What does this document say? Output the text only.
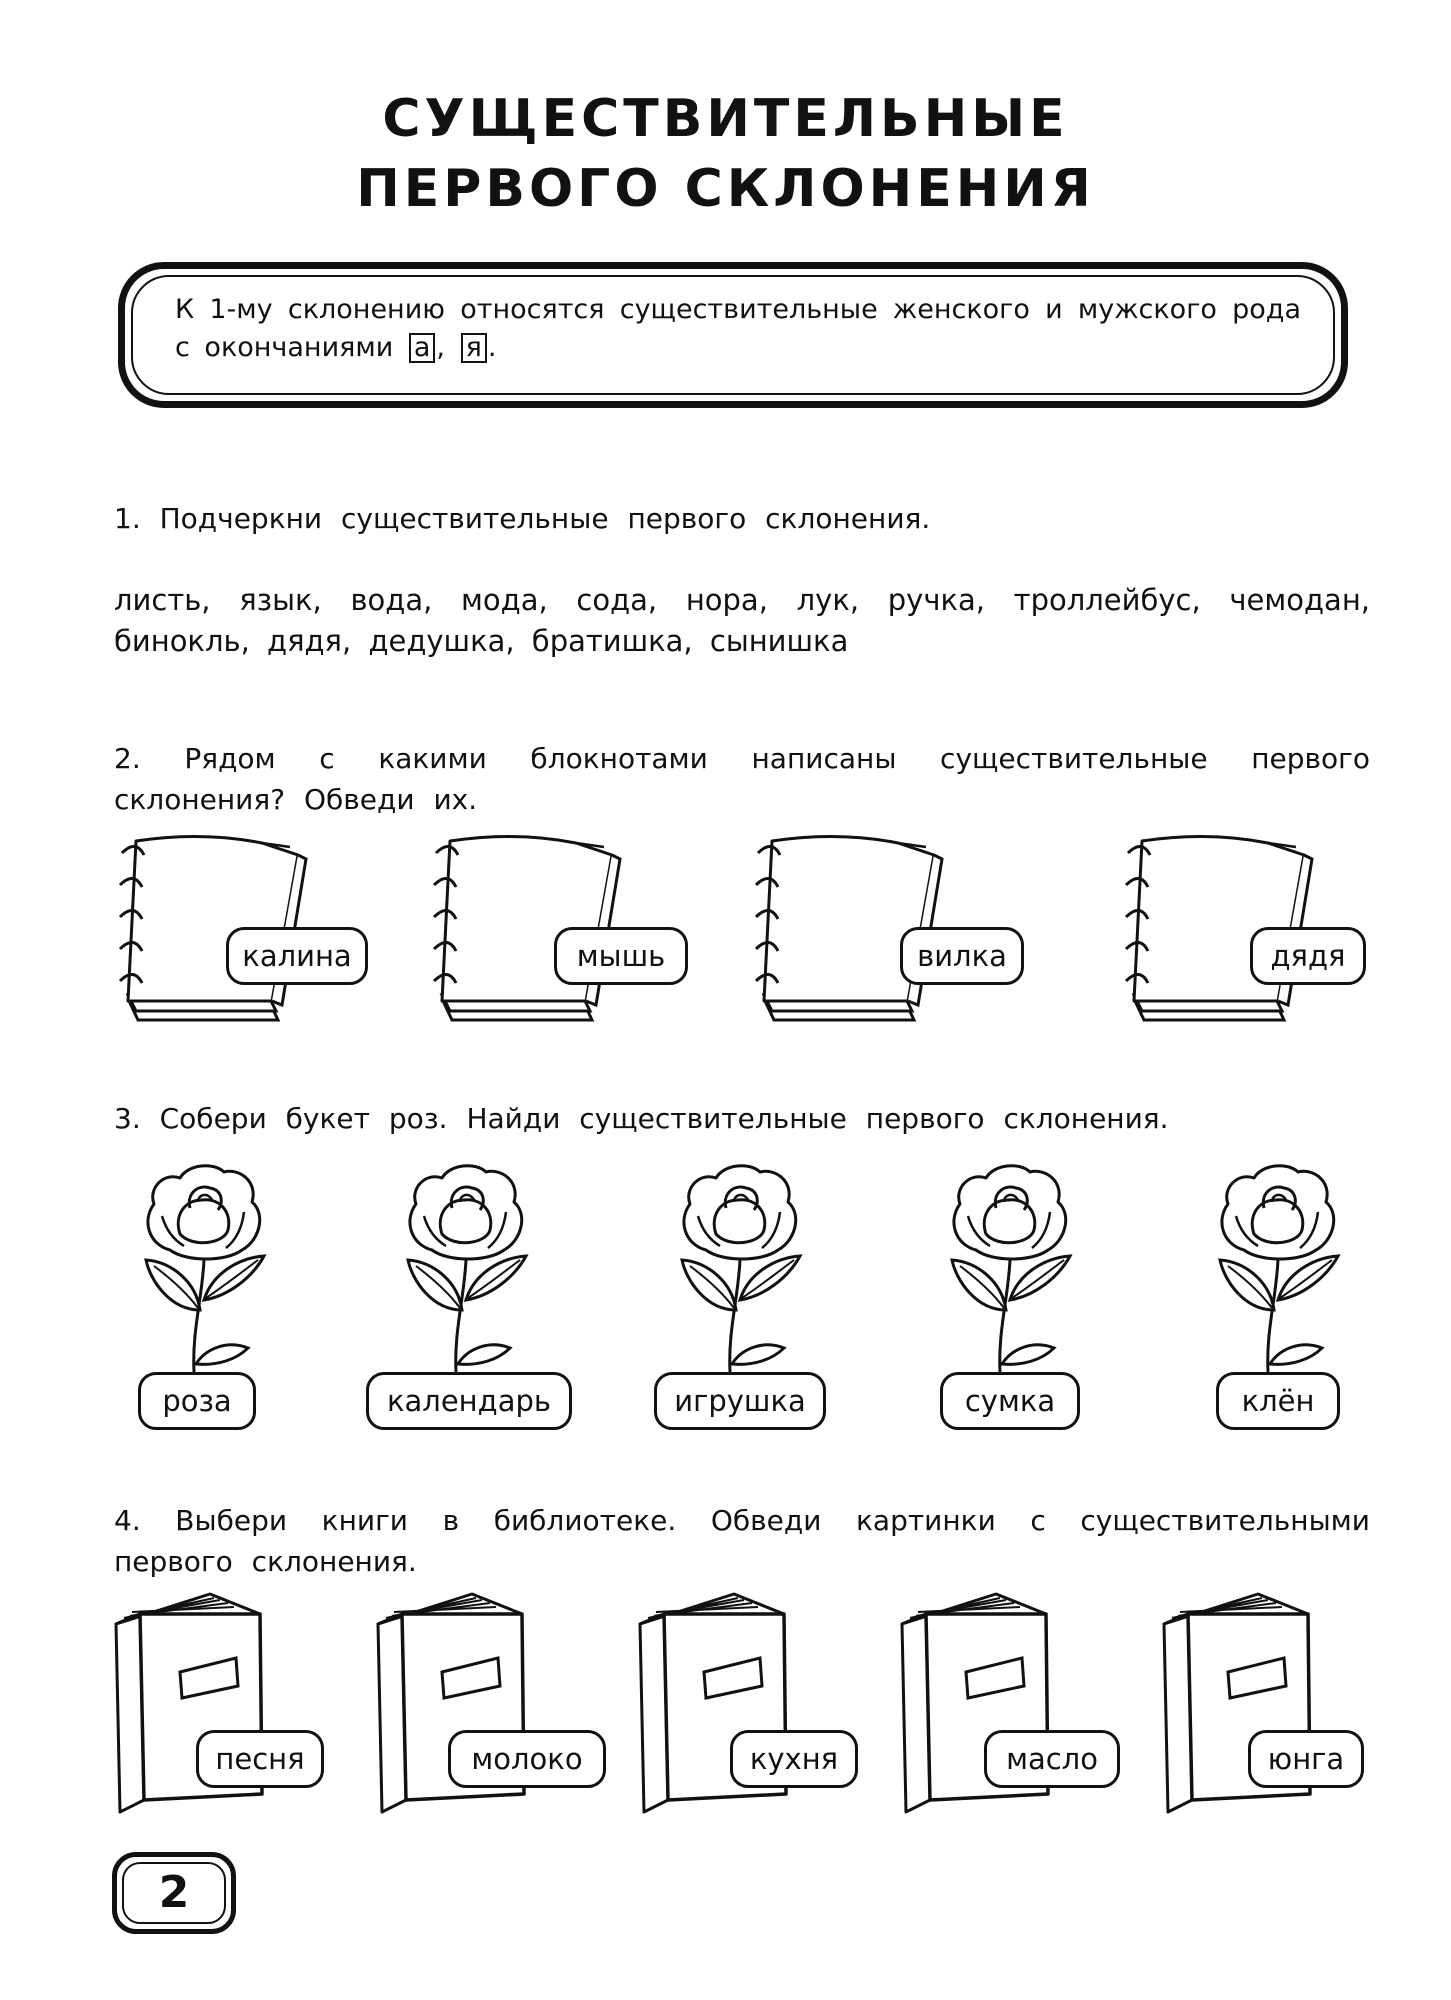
СУЩЕСТВИТЕЛЬНЫЕ
ПЕРВОГО СКЛОНЕНИЯ
К 1-му склонению относятся существительные женского и мужского рода с окончаниями а , я .
1. Подчеркни существительные первого склонения.
листь, язык, вода, мода, сода, нора, лук, ручка, троллейбус, чемодан, бинокль, дядя, дедушка, братишка, сынишка
2. Рядом с какими блокнотами написаны существительные первого склонения? Обведи их.
3. Собери букет роз. Найди существительные первого склонения.
4. Выбери книги в библиотеке. Обведи картинки с существительными первого склонения.
калина	мышь	вилка	дядя
роза	календарь	игрушка	сумка	клён
песня	молоко	кухня	масло	юнга
2
